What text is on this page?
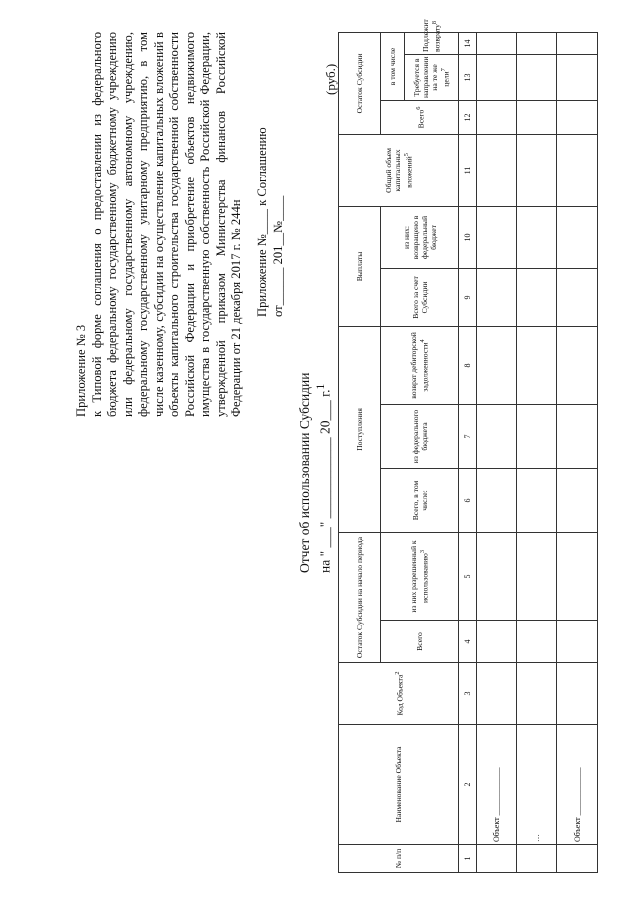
Приложение № 3 к Типовой форме соглашения о предоставлении из федерального бюджета федеральному государственному бюджетному учреждению или федеральному государственному автономному учреждению, федеральному государственному унитарному предприятию, в том числе казенному, субсидии на осуществление капитальных вложений в объекты капитального строительства государственной собственности Российской Федерации и приобретение объектов недвижимого имущества в государственную собственность Российской Федерации, утвержденной приказом Министерства финансов Российской Федерации от 21 декабря 2017 г. № 244н Приложение №____ к Соглашению от______ 201__№____
Отчет об использовании Субсидии на " ___" ____________ 20___ г.$^1$
(руб.)
№ п/п	Наименование Объекта	Код Объекта$^2$	Остаток Субсидии на начало периода		Поступления			Выплаты		Общий объем капитальных вложений$^5$	Остаток Субсидии		
			Всего	из них разрешенный к использованию$^3$	Всего, в том числе:	из федерального бюджета	возврат дебиторской задолженности$^4$	Всего за счет Субсидии	из них: возвращено в федеральный бюджет		Всего$^6$	в том числе	
												Требуется в направлении на те же цели$^7$	Подлежит возврату$^8$
1	2	3	4	5	6	7	8	9	10	11	12	13	14
	Объект ____________												
	…												
	Объект ____________												
